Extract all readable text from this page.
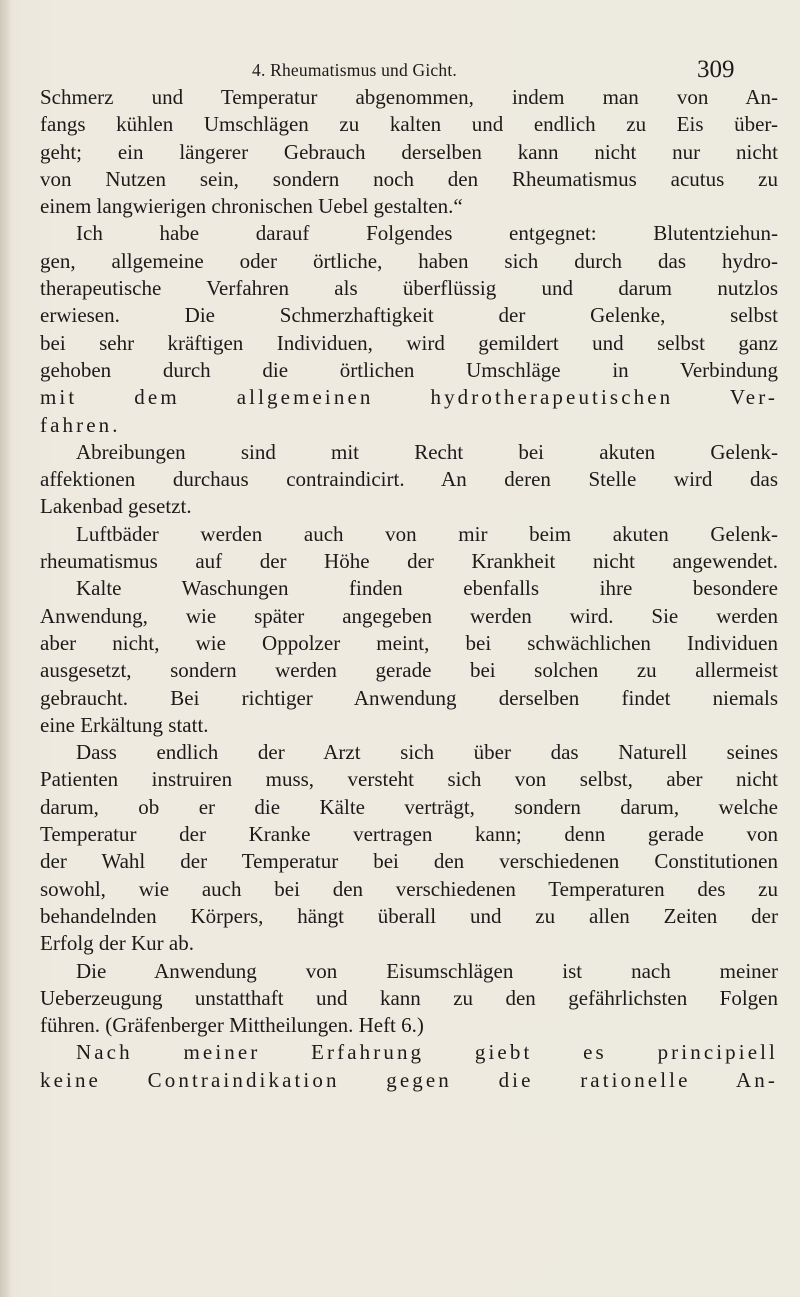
4. Rheumatismus und Gicht.	309
Schmerz und Temperatur abgenommen, indem man von An-
fangs kühlen Umschlägen zu kalten und endlich zu Eis über-
geht; ein längerer Gebrauch derselben kann nicht nur nicht
von Nutzen sein, sondern noch den Rheumatismus acutus zu
einem langwierigen chronischen Uebel gestalten.“
Ich habe darauf Folgendes entgegnet: Blutentziehun-
gen, allgemeine oder örtliche, haben sich durch das hydro-
therapeutische Verfahren als überflüssig und darum nutzlos
erwiesen. Die Schmerzhaftigkeit der Gelenke, selbst
bei sehr kräftigen Individuen, wird gemildert und selbst ganz
gehoben durch die örtlichen Umschläge in Verbindung
mit dem allgemeinen hydrotherapeutischen Ver-
fahren.
Abreibungen sind mit Recht bei akuten Gelenk-
affektionen durchaus contraindicirt. An deren Stelle wird das
Lakenbad gesetzt.
Luftbäder werden auch von mir beim akuten Gelenk-
rheumatismus auf der Höhe der Krankheit nicht angewendet.
Kalte Waschungen finden ebenfalls ihre besondere
Anwendung, wie später angegeben werden wird. Sie werden
aber nicht, wie Oppolzer meint, bei schwächlichen Individuen
ausgesetzt, sondern werden gerade bei solchen zu allermeist
gebraucht. Bei richtiger Anwendung derselben findet niemals
eine Erkältung statt.
Dass endlich der Arzt sich über das Naturell seines
Patienten instruiren muss, versteht sich von selbst, aber nicht
darum, ob er die Kälte verträgt, sondern darum, welche
Temperatur der Kranke vertragen kann; denn gerade von
der Wahl der Temperatur bei den verschiedenen Constitutionen
sowohl, wie auch bei den verschiedenen Temperaturen des zu
behandelnden Körpers, hängt überall und zu allen Zeiten der
Erfolg der Kur ab.
Die Anwendung von Eisumschlägen ist nach meiner
Ueberzeugung unstatthaft und kann zu den gefährlichsten Folgen
führen. (Gräfenberger Mittheilungen. Heft 6.)
Nach meiner Erfahrung giebt es principiell
keine Contraindikation gegen die rationelle An-
